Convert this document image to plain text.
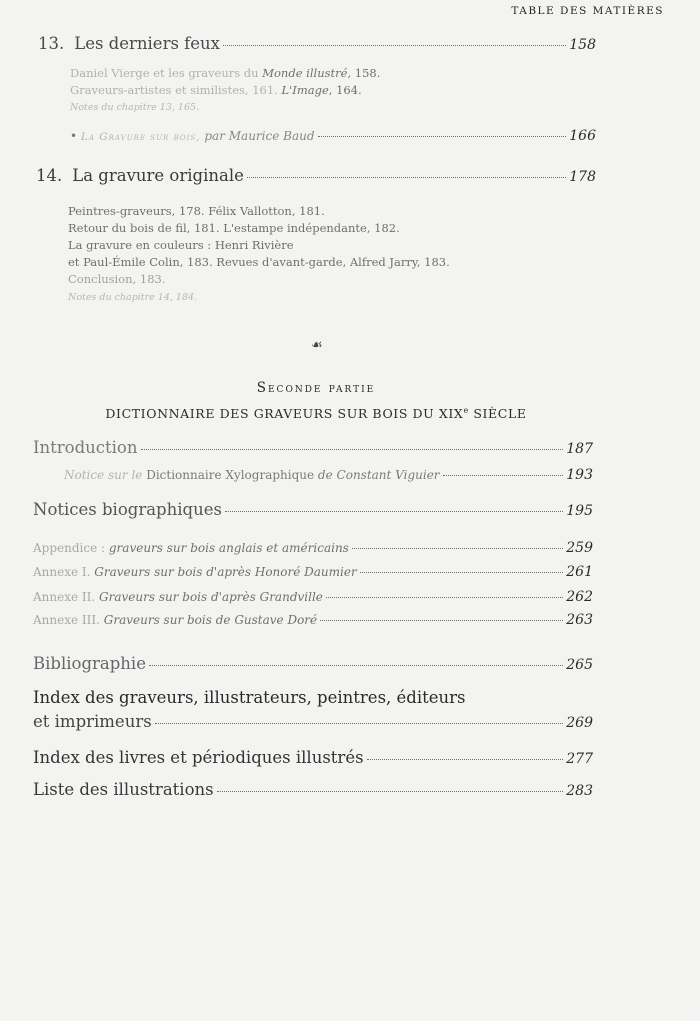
TABLE DES MATIÈRES
13. Les derniers feux	158
Daniel Vierge et les graveurs du Monde illustré, 158.
Graveurs-artistes et similistes, 161. L'Image, 164.
Notes du chapitre 13, 165.
• La Gravure sur bois, par Maurice Baud	166
14. La gravure originale	178
Peintres-graveurs, 178. Félix Vallotton, 181.
Retour du bois de fil, 181. L'estampe indépendante, 182.
La gravure en couleurs : Henri Rivière
et Paul-Émile Colin, 183. Revues d'avant-garde, Alfred Jarry, 183.
Conclusion, 183.
Notes du chapitre 14, 184.
☙
Seconde partie
DICTIONNAIRE DES GRAVEURS SUR BOIS DU XIXe SIÈCLE
Introduction	187
Notice sur le Dictionnaire Xylographique de Constant Viguier	193
Notices biographiques	195
Appendice : graveurs sur bois anglais et américains	259
Annexe I. Graveurs sur bois d'après Honoré Daumier	261
Annexe II. Graveurs sur bois d'après Grandville	262
Annexe III. Graveurs sur bois de Gustave Doré	263
Bibliographie	265
Index des graveurs, illustrateurs, peintres, éditeurs
et imprimeurs	269
Index des livres et périodiques illustrés	277
Liste des illustrations	283
